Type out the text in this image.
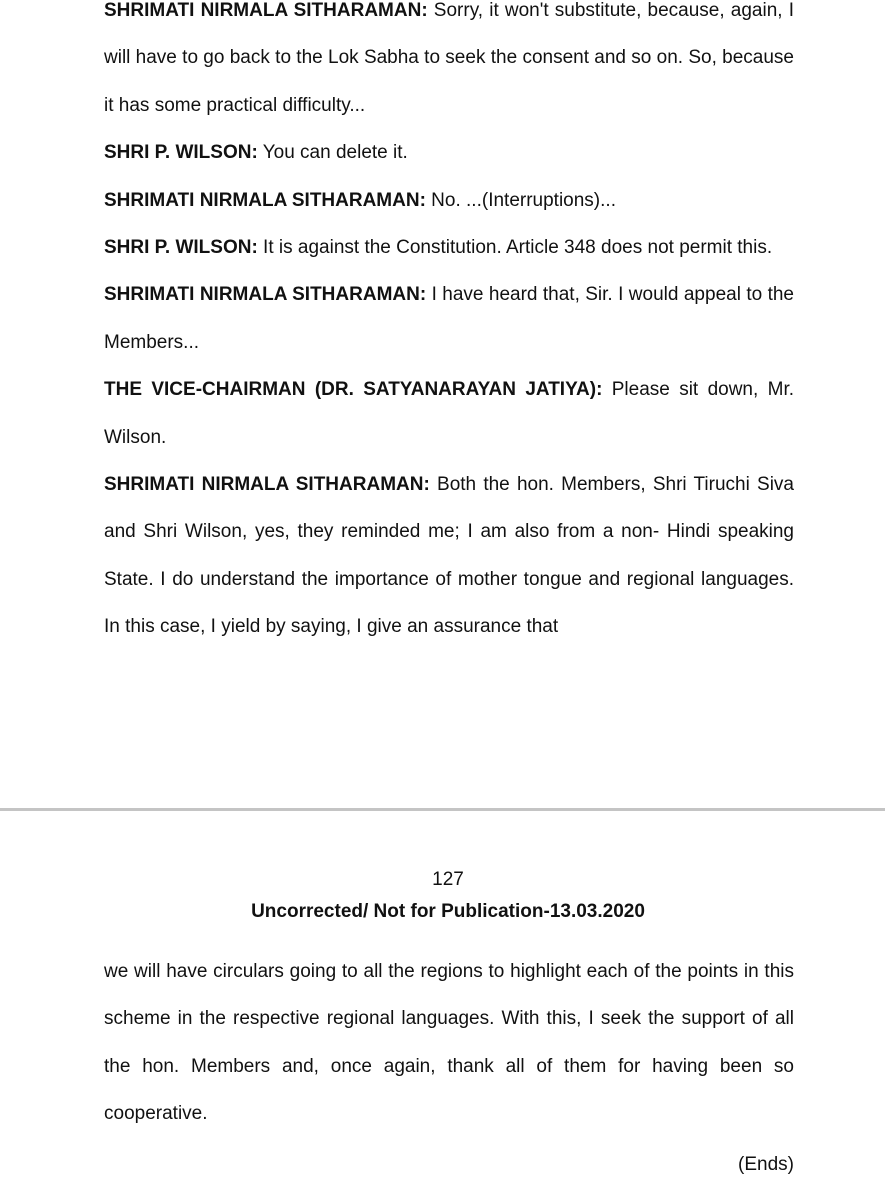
SHRIMATI NIRMALA SITHARAMAN: Sorry, it won't substitute, because, again, I will have to go back to the Lok Sabha to seek the consent and so on. So, because it has some practical difficulty...

SHRI P. WILSON: You can delete it.

SHRIMATI NIRMALA SITHARAMAN: No. ...(Interruptions)...

SHRI P. WILSON: It is against the Constitution. Article 348 does not permit this.

SHRIMATI NIRMALA SITHARAMAN: I have heard that, Sir. I would appeal to the Members...

THE VICE-CHAIRMAN (DR. SATYANARAYAN JATIYA): Please sit down, Mr. Wilson.

SHRIMATI NIRMALA SITHARAMAN: Both the hon. Members, Shri Tiruchi Siva and Shri Wilson, yes, they reminded me; I am also from a non- Hindi speaking State. I do understand the importance of mother tongue and regional languages. In this case, I yield by saying, I give an assurance that

127
Uncorrected/ Not for Publication-13.03.2020

we will have circulars going to all the regions to highlight each of the points in this scheme in the respective regional languages. With this, I seek the support of all the hon. Members and, once again, thank all of them for having been so cooperative.

(Ends)
